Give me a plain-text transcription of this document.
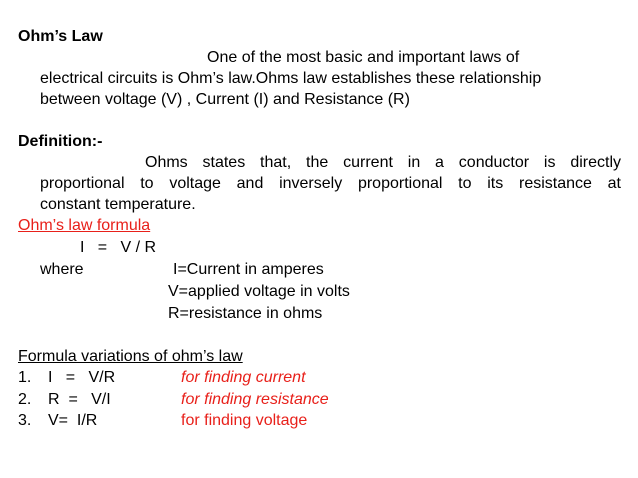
Ohm’s Law
One of the most basic and important laws of
electrical circuits is Ohm’s law.Ohms law establishes these relationship
between voltage (V) , Current (I) and Resistance (R)
Definition:-
Ohms states that, the current in a conductor is directly
proportional to voltage and inversely proportional to its resistance at
constant temperature.
Ohm’s law formula
I   =   V / R
where	I=Current in amperes
V=applied voltage in volts
R=resistance in ohms
Formula variations of ohm’s law
1. I   =   V/R	for finding current
2. R  =   V/I	for finding resistance
3. V=  I/R	for finding voltage
